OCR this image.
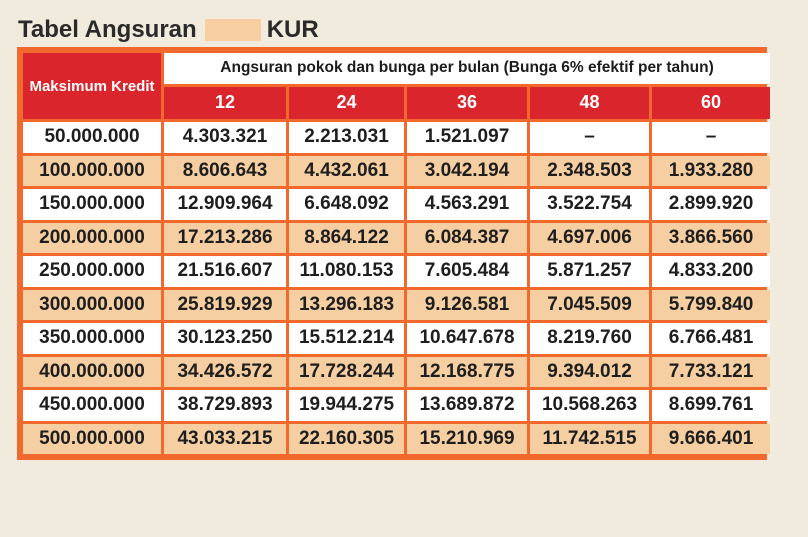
Tabel Angsuran	KUR
Maksimum Kredit	Angsuran pokok dan bunga per bulan (Bunga 6% efektif per tahun)				
	12	24	36	48	60
50.000.000	4.303.321	2.213.031	1.521.097	–	–
100.000.000	8.606.643	4.432.061	3.042.194	2.348.503	1.933.280
150.000.000	12.909.964	6.648.092	4.563.291	3.522.754	2.899.920
200.000.000	17.213.286	8.864.122	6.084.387	4.697.006	3.866.560
250.000.000	21.516.607	11.080.153	7.605.484	5.871.257	4.833.200
300.000.000	25.819.929	13.296.183	9.126.581	7.045.509	5.799.840
350.000.000	30.123.250	15.512.214	10.647.678	8.219.760	6.766.481
400.000.000	34.426.572	17.728.244	12.168.775	9.394.012	7.733.121
450.000.000	38.729.893	19.944.275	13.689.872	10.568.263	8.699.761
500.000.000	43.033.215	22.160.305	15.210.969	11.742.515	9.666.401
